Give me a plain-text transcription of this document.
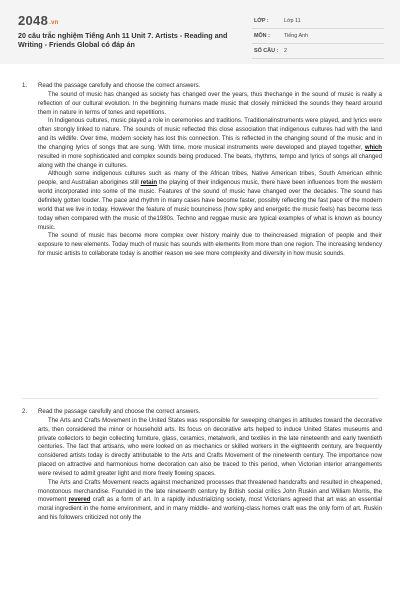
2048.vn
20 câu trắc nghiệm Tiếng Anh 11 Unit 7. Artists - Reading and Writing - Friends Global có đáp án
LỚP :	Lớp 11
MÔN :	Tiếng Anh
SỐ CÂU : 2
1. Read the passage carefully and choose the correct answers.
The sound of music has changed as society has changed over the years, thus thechange in the sound of music is really a reflection of our cultural evolution. In the beginning humans made music that closely mimicked the sounds they heard around them in nature in terms of tones and repetitions.
In Indigenous cultures, music played a role in ceremonies and traditions. Traditionalinstruments were played, and lyrics were often strongly linked to nature. The sounds of music reflected this close association that indigenous cultures had with the land and its wildlife. Over time, modern society has lost this connection. This is reflected in the changing sound of the music and in the changing lyrics of songs that are sung. With time, more musical instruments were developed and played together, which resulted in more sophisticated and complex sounds being produced. The beats, rhythms, tempo and lyrics of songs all changed along with the change in cultures.
Although some indigenous cultures such as many of the African tribes, Native American tribes, South American ethnic people, and Australian aborigines still retain the playing of their indigenous music, there have been influences from the western world incorporated into some of the music. Features of the sound of music have changed over the decades. The sound has definitely gotten louder. The pace and rhythm in many cases have become faster, possibly reflecting the fast pace of the modern world that we live in today. However the feature of music bounciness (how spiky and energetic the music feels) has become less today when compared with the music of the1980s. Techno and reggae music are typical examples of what is known as bouncy music.
The sound of music has become more complex over history mainly due to theincreased migration of people and their exposure to new elements. Today much of music has sounds with elements from more than one region. The increasing tendency for music artists to collaborate today is another reason we see more complexity and diversity in how music sounds.
2. Read the passage carefully and choose the correct answers.
The Arts and Crafts Movement in the United States was responsible for sweeping changes in attitudes toward the decorative arts, then considered the minor or household arts. Its focus on decorative arts helped to induce United States museums and private collectors to begin collecting furniture, glass, ceramics, metalwork, and textiles in the late nineteenth and early twentieth centuries. The fact that artisans, who were looked on as mechanics or skilled workers in the eighteenth century, are frequently considered artists today is directly attributable to the Arts and Crafts Movement of the nineteenth century. The importance now placed on attractive and harmonious home decoration can also be traced to this period, when Victorian interior arrangements were revised to admit greater light and more freely flowing spaces.
The Arts and Crafts Movement reacts against mechanized processes that threatened handcrafts and resulted in cheapened, monotonous merchandise. Founded in the late nineteenth century by British social critics John Ruskin and William Morris, the movement revered craft as a form of art. In a rapidly industrializing society, most Victorians agreed that art was an essential moral ingredient in the home environment, and in many middle- and working-class homes craft was the only form of art. Ruskin and his followers criticized not only the
